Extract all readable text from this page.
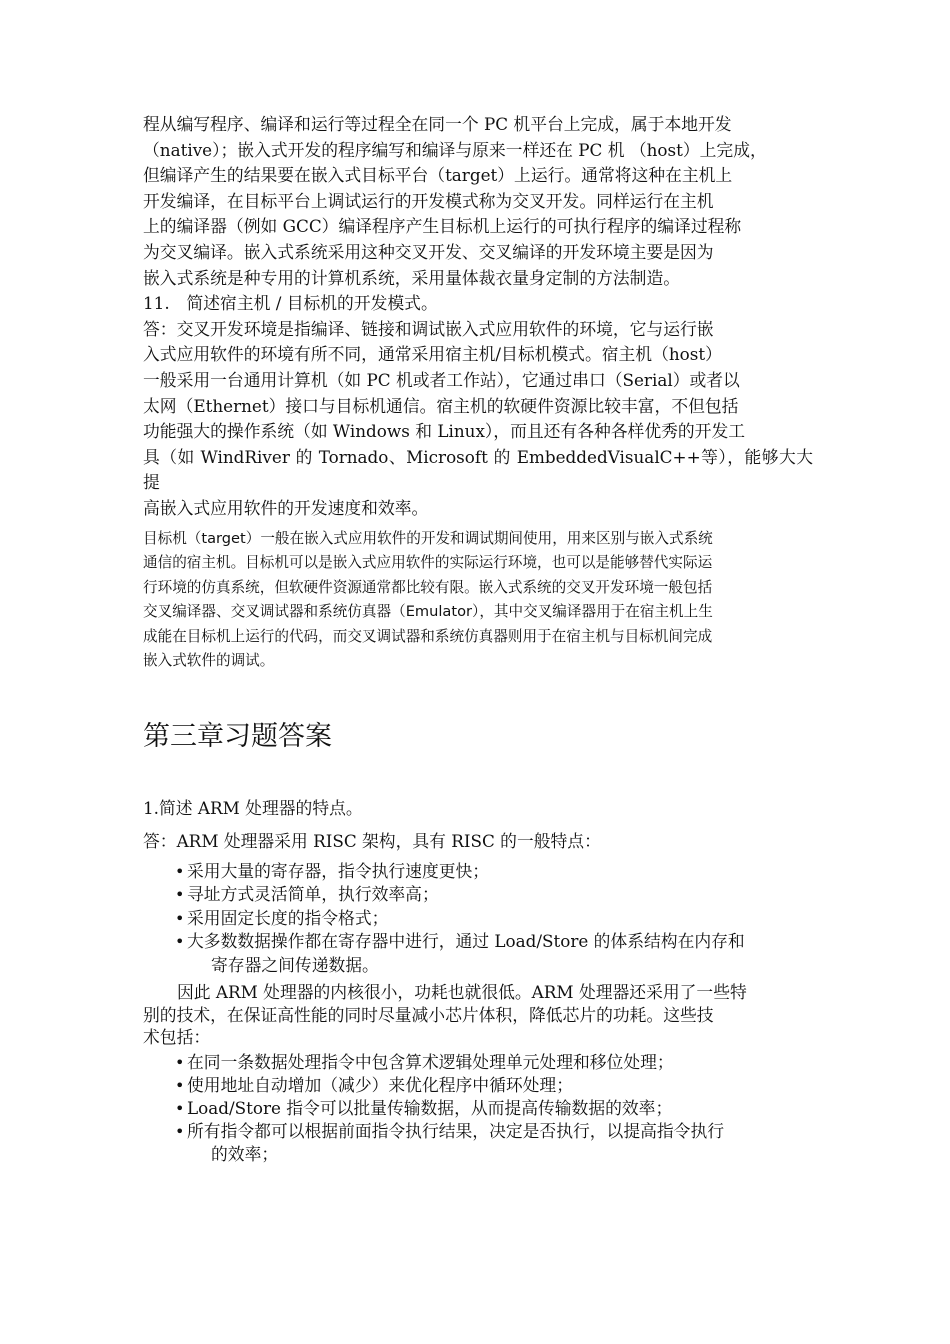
程从编写程序、编译和运行等过程全在同一个 PC 机平台上完成，属于本地开发

（native）；嵌入式开发的程序编写和编译与原来一样还在 PC 机 （host）上完成，

但编译产生的结果要在嵌入式目标平台（target）上运行。通常将这种在主机上

开发编译，在目标平台上调试运行的开发模式称为交叉开发。同样运行在主机

上的编译器（例如 GCC）编译程序产生目标机上运行的可执行程序的编译过程称

为交叉编译。嵌入式系统采用这种交叉开发、交叉编译的开发环境主要是因为

嵌入式系统是种专用的计算机系统，采用量体裁衣量身定制的方法制造。

11.　简述宿主机 / 目标机的开发模式。

答：交叉开发环境是指编译、链接和调试嵌入式应用软件的环境，它与运行嵌

入式应用软件的环境有所不同，通常采用宿主机/目标机模式。宿主机（host）

一般采用一台通用计算机（如 PC 机或者工作站），它通过串口（Serial）或者以

太网（Ethernet）接口与目标机通信。宿主机的软硬件资源比较丰富，不但包括

功能强大的操作系统（如 Windows 和 Linux），而且还有各种各样优秀的开发工

具（如 WindRiver 的 Tornado、Microsoft 的 EmbeddedVisualC++等），能够大大提

高嵌入式应用软件的开发速度和效率。

目标机（target）一般在嵌入式应用软件的开发和调试期间使用，用来区别与嵌入式系统

通信的宿主机。目标机可以是嵌入式应用软件的实际运行环境，也可以是能够替代实际运

行环境的仿真系统，但软硬件资源通常都比较有限。嵌入式系统的交叉开发环境一般包括

交叉编译器、交叉调试器和系统仿真器（Emulator），其中交叉编译器用于在宿主机上生

成能在目标机上运行的代码，而交叉调试器和系统仿真器则用于在宿主机与目标机间完成

嵌入式软件的调试。

第三章习题答案

1.简述 ARM 处理器的特点。

答：ARM 处理器采用 RISC 架构，具有 RISC 的一般特点：

• 采用大量的寄存器，指令执行速度更快；
• 寻址方式灵活简单，执行效率高；
• 采用固定长度的指令格式；
• 大多数数据操作都在寄存器中进行，通过 Load/Store 的体系结构在内存和
寄存器之间传递数据。

因此 ARM 处理器的内核很小，功耗也就很低。ARM 处理器还采用了一些特

别的技术，在保证高性能的同时尽量减小芯片体积，降低芯片的功耗。这些技

术包括：

• 在同一条数据处理指令中包含算术逻辑处理单元处理和移位处理；
• 使用地址自动增加（减少）来优化程序中循环处理；
• Load/Store 指令可以批量传输数据，从而提高传输数据的效率；
• 所有指令都可以根据前面指令执行结果，决定是否执行，以提高指令执行
的效率；
